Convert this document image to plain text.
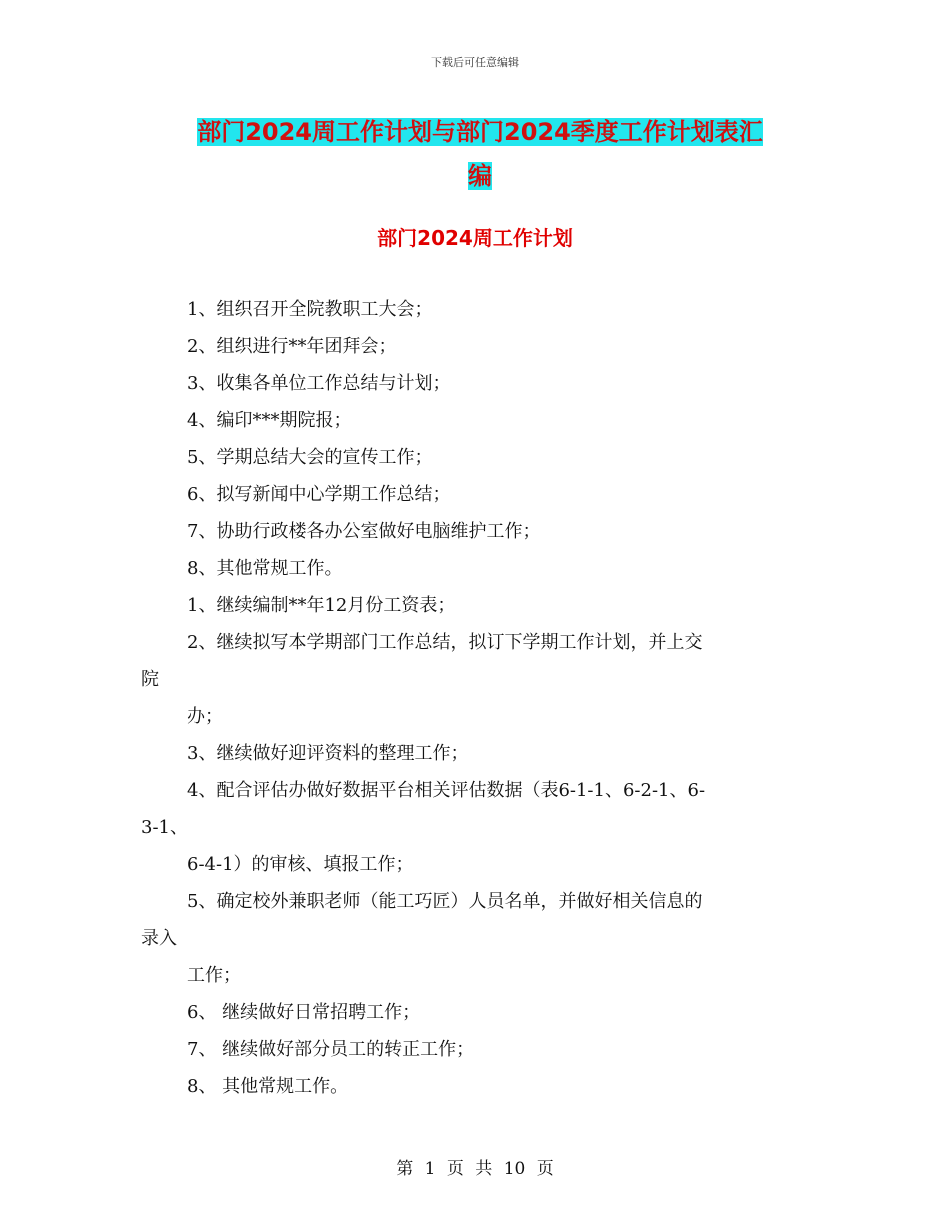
下载后可任意编辑
部门2024周工作计划与部门2024季度工作计划表汇
编
部门2024周工作计划
1、组织召开全院教职工大会；
2、组织进行**年团拜会；
3、收集各单位工作总结与计划；
4、编印***期院报；
5、学期总结大会的宣传工作；
6、拟写新闻中心学期工作总结；
7、协助行政楼各办公室做好电脑维护工作；
8、其他常规工作。
1、继续编制**年12月份工资表；
2、继续拟写本学期部门工作总结，拟订下学期工作计划，并上交
院
办；
3、继续做好迎评资料的整理工作；
4、配合评估办做好数据平台相关评估数据（表6-1-1、6-2-1、6-
3-1、
6-4-1）的审核、填报工作；
5、确定校外兼职老师（能工巧匠）人员名单，并做好相关信息的
录入
工作；
6、 继续做好日常招聘工作；
7、 继续做好部分员工的转正工作；
8、 其他常规工作。
第 1 页 共 10 页
